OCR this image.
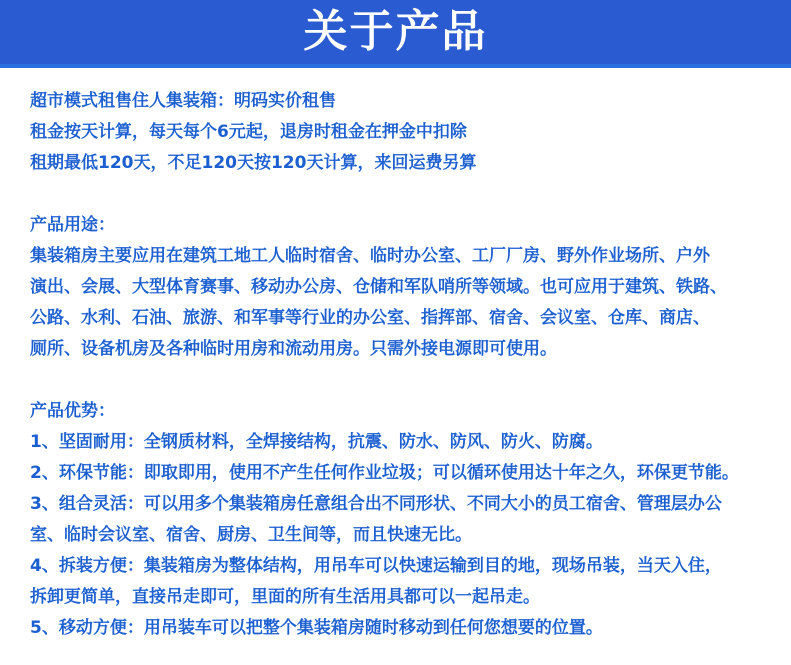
关于产品
超市模式租售住人集装箱：明码实价租售
租金按天计算，每天每个6元起，退房时租金在押金中扣除
租期最低120天，不足120天按120天计算，来回运费另算
产品用途：
集装箱房主要应用在建筑工地工人临时宿舍、临时办公室、工厂厂房、野外作业场所、户外
演出、会展、大型体育赛事、移动办公房、仓储和军队哨所等领域。也可应用于建筑、铁路、
公路、水利、石油、旅游、和军事等行业的办公室、指挥部、宿舍、会议室、仓库、商店、
厕所、设备机房及各种临时用房和流动用房。只需外接电源即可使用。
产品优势：
1、坚固耐用：全钢质材料，全焊接结构，抗震、防水、防风、防火、防腐。
2、环保节能：即取即用，使用不产生任何作业垃圾；可以循环使用达十年之久，环保更节能。
3、组合灵活：可以用多个集装箱房任意组合出不同形状、不同大小的员工宿舍、管理层办公
室、临时会议室、宿舍、厨房、卫生间等，而且快速无比。
4、拆装方便：集装箱房为整体结构，用吊车可以快速运输到目的地，现场吊装，当天入住，
拆卸更简单，直接吊走即可，里面的所有生活用具都可以一起吊走。
5、移动方便：用吊装车可以把整个集装箱房随时移动到任何您想要的位置。
